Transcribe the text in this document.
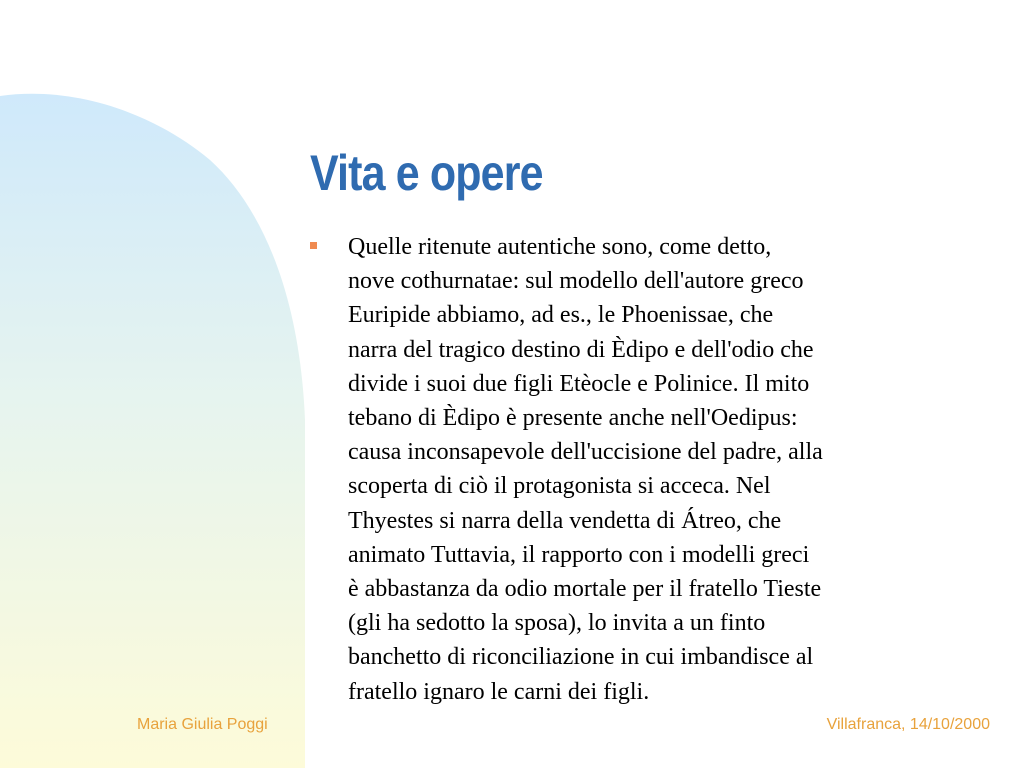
Vita e opere
Quelle ritenute autentiche sono, come detto,
nove cothurnatae: sul modello dell'autore greco
Euripide abbiamo, ad es., le Phoenissae, che
narra del tragico destino di Èdipo e dell'odio che
divide i suoi due figli Etèocle e Polinice. Il mito
tebano di Èdipo è presente anche nell'Oedipus:
causa inconsapevole dell'uccisione del padre, alla
scoperta di ciò il protagonista si acceca. Nel
Thyestes si narra della vendetta di Átreo, che
animato Tuttavia, il rapporto con i modelli greci
è abbastanza da odio mortale per il fratello Tieste
(gli ha sedotto la sposa), lo invita a un finto
banchetto di riconciliazione in cui imbandisce al
fratello ignaro le carni dei figli.
Maria Giulia Poggi	Villafranca, 14/10/2000
